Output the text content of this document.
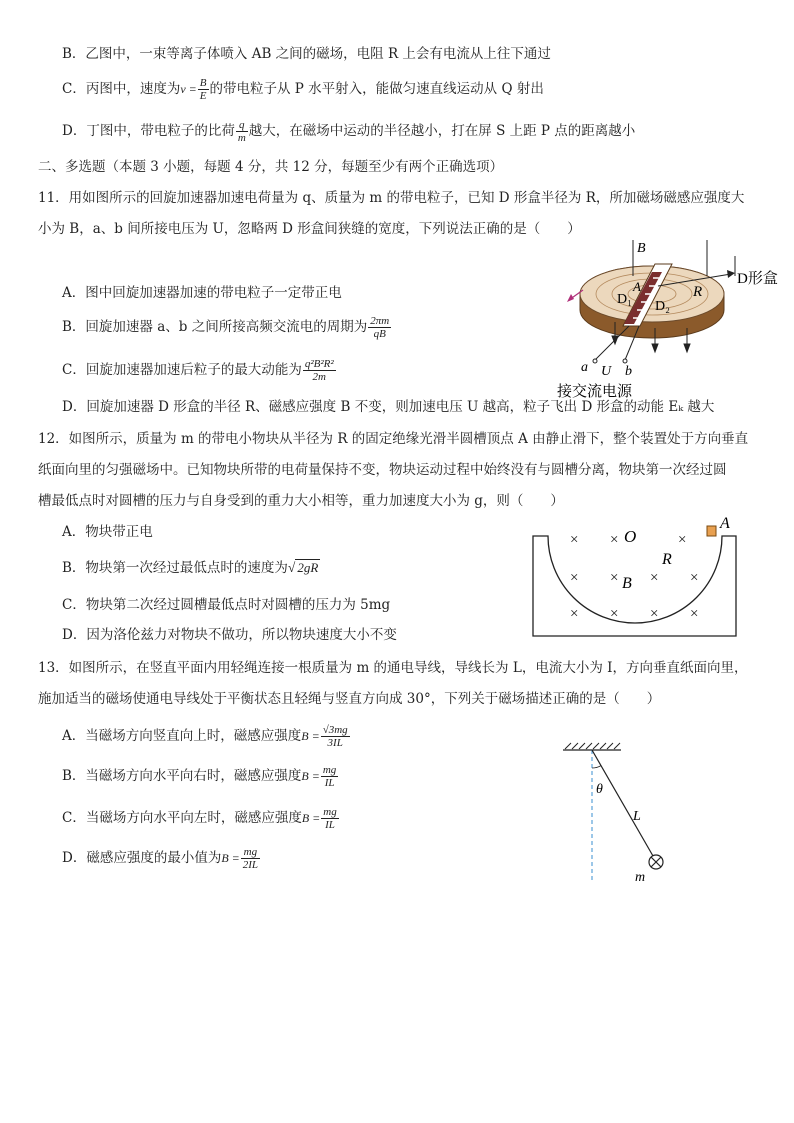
B．乙图中，一束等离子体喷入 AB 之间的磁场，电阻 R 上会有电流从上往下通过
C．丙图中，速度为$v = \frac{B}{E}$ 的带电粒子从 P 水平射入，能做匀速直线运动从 Q 射出
D．丁图中，带电粒子的比荷 $\frac{q}{m}$ 越大，在磁场中运动的半径越小，打在屏 S 上距 P 点的距离越小
二、多选题（本题 3 小题，每题 4 分，共 12 分，每题至少有两个正确选项）
11．用如图所示的回旋加速器加速电荷量为 q、质量为 m 的带电粒子，已知 D 形盒半径为 R，所加磁场磁感应强度大
小为 B，a、b 间所接电压为 U，忽略两 D 形盒间狭缝的宽度，下列说法正确的是（　　）
A．图中回旋加速器加速的带电粒子一定带正电
B．回旋加速器 a、b 之间所接高频交流电的周期为 $\frac{2\pi m}{qB}$
C．回旋加速器加速后粒子的最大动能为 $\frac{\text{q²B²R²}}{2m}$
D．回旋加速器 D 形盒的半径 R、磁感应强度 B 不变，则加速电压 U 越高，粒子飞出 D 形盒的动能 Eₖ 越大
B
D形盒
A	R
D₁ D₂
a U b
接交流电源
12．如图所示，质量为 m 的带电小物块从半径为 R 的固定绝缘光滑半圆槽顶点 A 由静止滑下，整个装置处于方向垂直
纸面向里的匀强磁场中。已知物块所带的电荷量保持不变，物块运动过程中始终没有与圆槽分离，物块第一次经过圆
槽最低点时对圆槽的压力与自身受到的重力大小相等，重力加速度大小为 g，则（　　）
A．物块带正电
B．物块第一次经过最低点时的速度为√ 2gR
C．物块第二次经过圆槽最低点时对圆槽的压力为 5mg
D．因为洛伦兹力对物块不做功，所以物块速度大小不变
A
O
R
B
× ×	×
× × × ×
× × × ×
13．如图所示，在竖直平面内用轻绳连接一根质量为 m 的通电导线，导线长为 L，电流大小为 I，方向垂直纸面向里，
施加适当的磁场使通电导线处于平衡状态且轻绳与竖直方向成 30°，下列关于磁场描述正确的是（　　）
A．当磁场方向竖直向上时，磁感应强度$B = \frac{√3mg}{3IL}$
B．当磁场方向水平向右时，磁感应强度$B = \frac{mg}{IL}$
C．当磁场方向水平向左时，磁感应强度$B = \frac{mg}{IL}$
D．磁感应强度的最小值为$B = \frac{mg}{2IL}$
θ
L
m
